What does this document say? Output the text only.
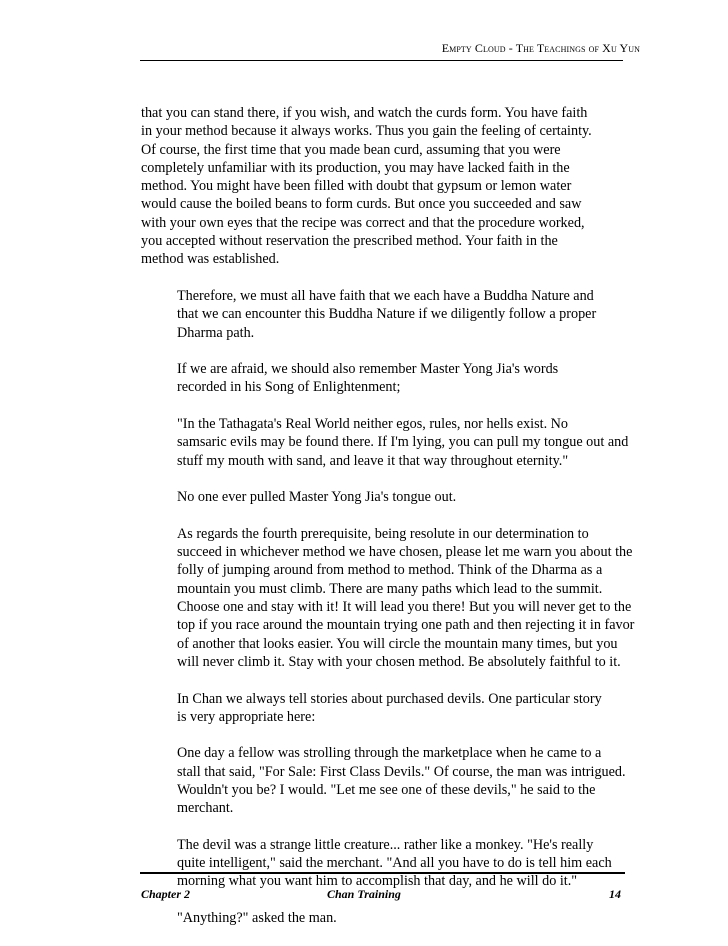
Empty Cloud - The Teachings of Xu Yun
that you can stand there, if you wish, and watch the curds form. You have faith
in your method because it always works. Thus you gain the feeling of certainty.
Of course, the first time that you made bean curd, assuming that you were
completely unfamiliar with its production, you may have lacked faith in the
method. You might have been filled with doubt that gypsum or lemon water
would cause the boiled beans to form curds. But once you succeeded and saw
with your own eyes that the recipe was correct and that the procedure worked,
you accepted without reservation the prescribed method. Your faith in the
method was established.
Therefore, we must all have faith that we each have a Buddha Nature and
that we can encounter this Buddha Nature if we diligently follow a proper
Dharma path.
If we are afraid, we should also remember Master Yong Jia's words
recorded in his Song of Enlightenment;
"In the Tathagata's Real World neither egos, rules, nor hells exist. No
samsaric evils may be found there. If I'm lying, you can pull my tongue out and
stuff my mouth with sand, and leave it that way throughout eternity."
No one ever pulled Master Yong Jia's tongue out.
As regards the fourth prerequisite, being resolute in our determination to
succeed in whichever method we have chosen, please let me warn you about the
folly of jumping around from method to method. Think of the Dharma as a
mountain you must climb. There are many paths which lead to the summit.
Choose one and stay with it! It will lead you there! But you will never get to the
top if you race around the mountain trying one path and then rejecting it in favor
of another that looks easier. You will circle the mountain many times, but you
will never climb it. Stay with your chosen method. Be absolutely faithful to it.
In Chan we always tell stories about purchased devils. One particular story
is very appropriate here:
One day a fellow was strolling through the marketplace when he came to a
stall that said, "For Sale: First Class Devils." Of course, the man was intrigued.
Wouldn't you be? I would. "Let me see one of these devils," he said to the
merchant.
The devil was a strange little creature... rather like a monkey. "He's really
quite intelligent," said the merchant. "And all you have to do is tell him each
morning what you want him to accomplish that day, and he will do it."
"Anything?" asked the man.
Chapter 2	Chan Training	14
